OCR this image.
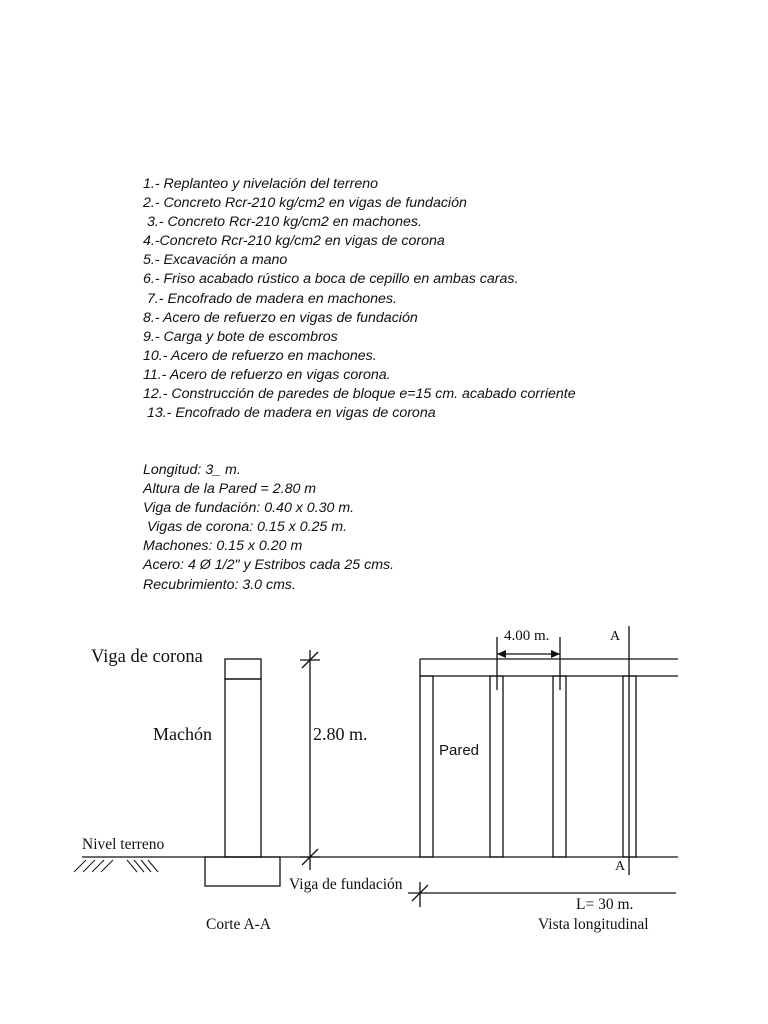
1.- Replanteo y nivelación del terreno
2.- Concreto Rcr-210 kg/cm2 en vigas de fundación
3.- Concreto Rcr-210 kg/cm2 en machones.
4.-Concreto Rcr-210 kg/cm2 en vigas de corona
5.- Excavación a mano
6.- Friso acabado rústico a boca de cepillo en ambas caras.
7.- Encofrado de madera en machones.
8.- Acero de refuerzo en vigas de fundación
9.- Carga y bote de escombros
10.- Acero de refuerzo en machones.
11.- Acero de refuerzo en vigas corona.
12.- Construcción de paredes de bloque e=15 cm. acabado corriente
13.- Encofrado de madera en vigas de corona
Longitud: 3_ m.
Altura de la Pared = 2.80 m
Viga de fundación: 0.40 x 0.30 m.
Vigas de corona: 0.15 x 0.25 m.
Machones: 0.15 x 0.20 m
Acero: 4 Ø 1/2" y Estribos cada 25 cms.
Recubrimiento: 3.0 cms.
Viga de corona
Machón	2.80 m.
Nivel terreno
Viga de fundación
Corte A-A
4.00 m.	A
A
Pared
L= 30 m.
Vista longitudinal
